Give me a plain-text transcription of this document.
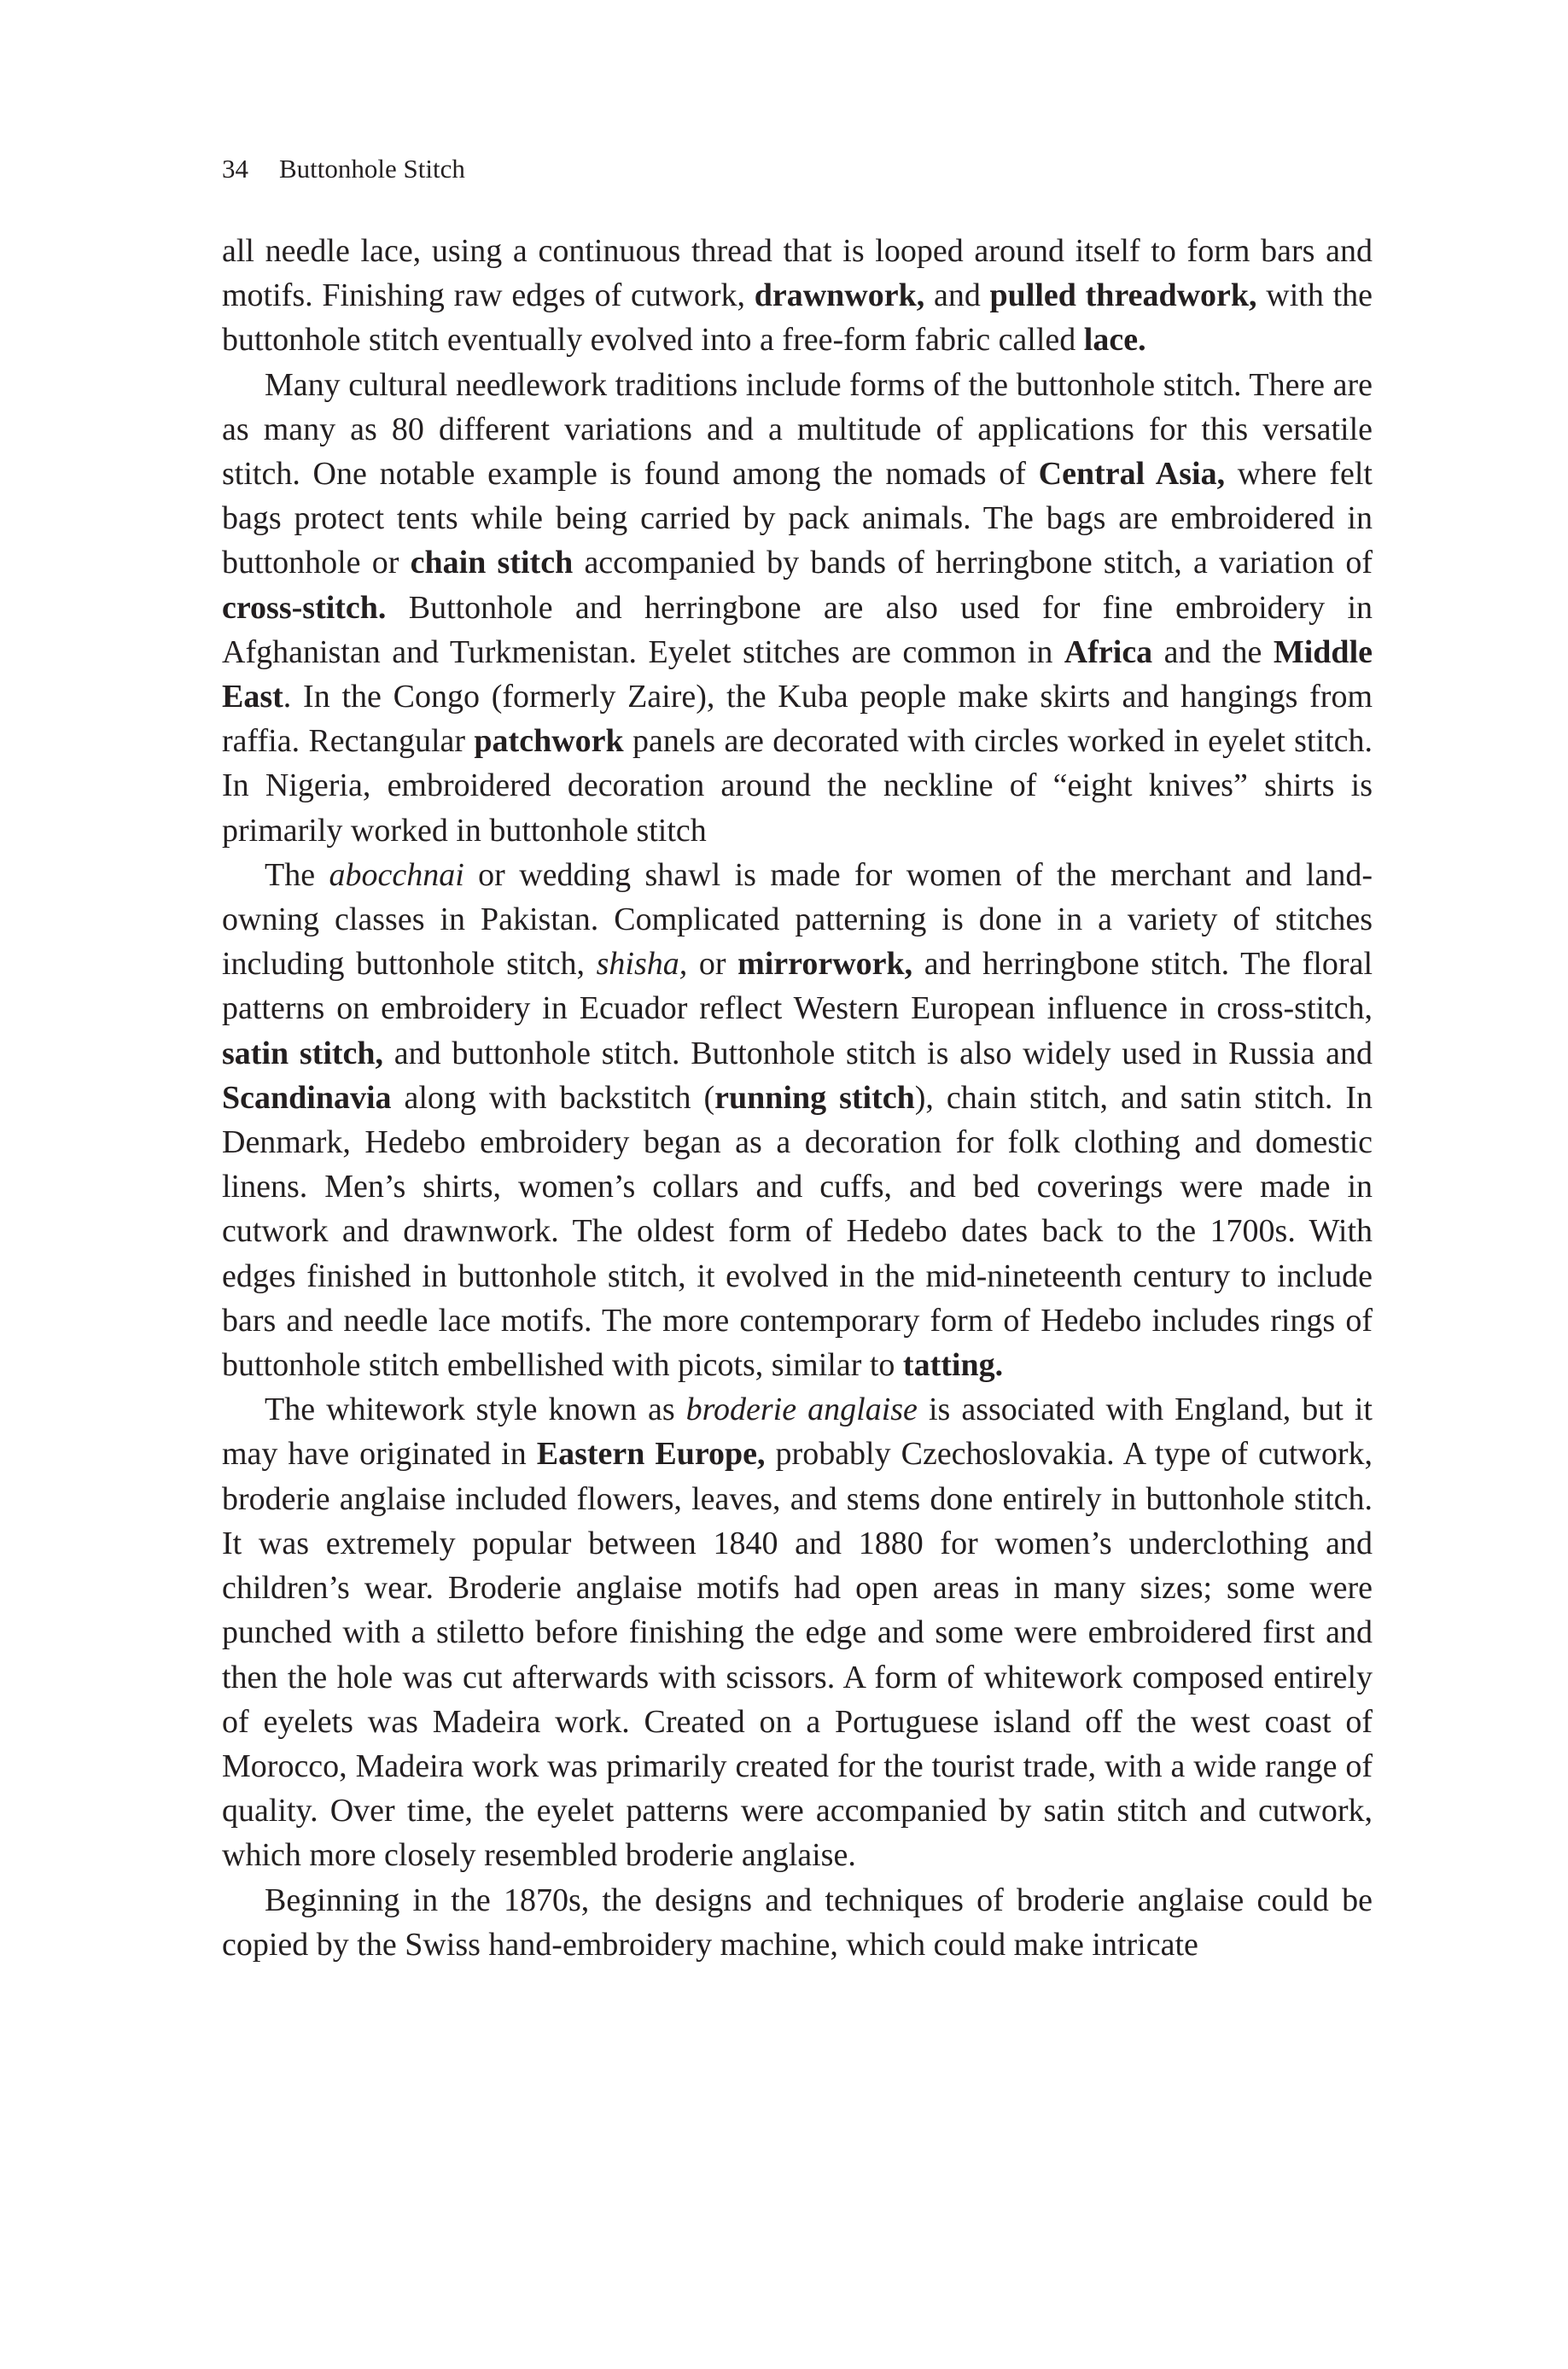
34 Buttonhole Stitch

all needle lace, using a continuous thread that is looped around itself to form bars and motifs. Finishing raw edges of cutwork, drawnwork, and pulled threadwork, with the buttonhole stitch eventually evolved into a free-form fabric called lace.

Many cultural needlework traditions include forms of the buttonhole stitch. There are as many as 80 different variations and a multitude of applications for this versatile stitch. One notable example is found among the nomads of Central Asia, where felt bags protect tents while being carried by pack animals. The bags are embroidered in buttonhole or chain stitch accompanied by bands of herringbone stitch, a variation of cross-stitch. Buttonhole and herringbone are also used for fine embroidery in Afghanistan and Turkmenistan. Eyelet stitches are common in Africa and the Middle East. In the Congo (formerly Zaire), the Kuba people make skirts and hangings from raffia. Rectangular patchwork panels are decorated with circles worked in eyelet stitch. In Nigeria, embroidered decoration around the neckline of “eight knives” shirts is primarily worked in buttonhole stitch

The abocchnai or wedding shawl is made for women of the merchant and land-owning classes in Pakistan. Complicated patterning is done in a variety of stitches including buttonhole stitch, shisha, or mirrorwork, and herringbone stitch. The floral patterns on embroidery in Ecuador reflect Western European influence in cross-stitch, satin stitch, and buttonhole stitch. Buttonhole stitch is also widely used in Russia and Scandinavia along with backstitch (running stitch), chain stitch, and satin stitch. In Denmark, Hedebo embroidery began as a decoration for folk clothing and domestic linens. Men’s shirts, women’s collars and cuffs, and bed coverings were made in cutwork and drawnwork. The oldest form of Hedebo dates back to the 1700s. With edges finished in buttonhole stitch, it evolved in the mid-nineteenth century to include bars and needle lace motifs. The more contemporary form of Hedebo includes rings of buttonhole stitch embellished with picots, similar to tatting.

The whitework style known as broderie anglaise is associated with England, but it may have originated in Eastern Europe, probably Czechoslovakia. A type of cutwork, broderie anglaise included flowers, leaves, and stems done entirely in buttonhole stitch. It was extremely popular between 1840 and 1880 for women’s underclothing and children’s wear. Broderie anglaise motifs had open areas in many sizes; some were punched with a stiletto before finishing the edge and some were embroidered first and then the hole was cut afterwards with scissors. A form of whitework composed entirely of eyelets was Madeira work. Created on a Portuguese island off the west coast of Morocco, Madeira work was primarily created for the tourist trade, with a wide range of quality. Over time, the eyelet patterns were accompanied by satin stitch and cutwork, which more closely resembled broderie anglaise.

Beginning in the 1870s, the designs and techniques of broderie anglaise could be copied by the Swiss hand-embroidery machine, which could make intricate
